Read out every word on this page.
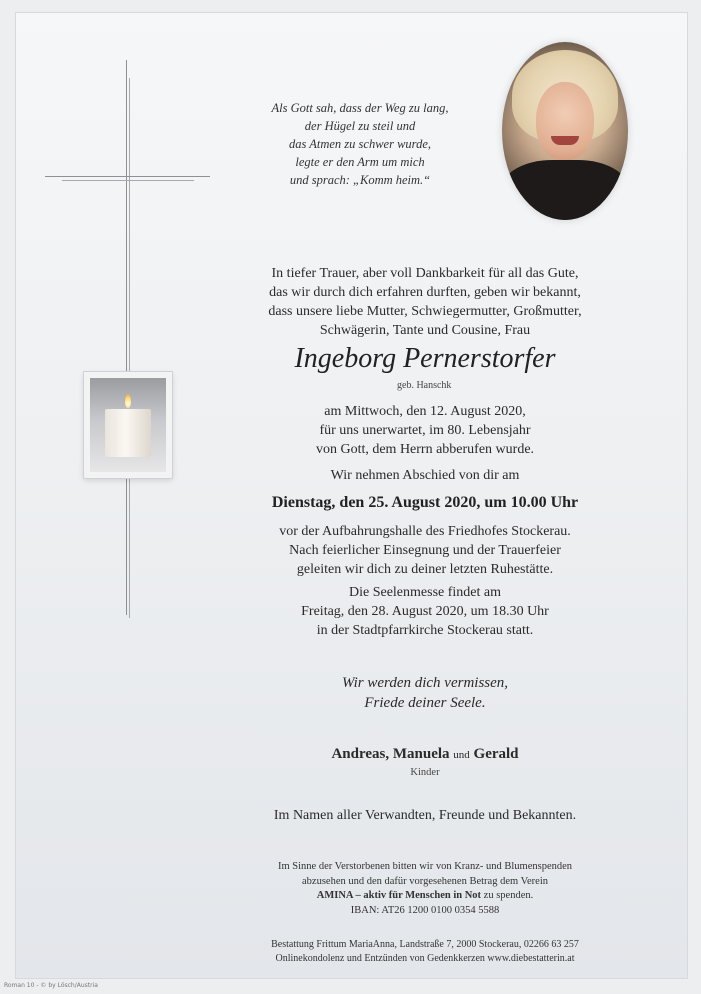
Als Gott sah, dass der Weg zu lang,
der Hügel zu steil und
das Atmen zu schwer wurde,
legte er den Arm um mich
und sprach: „Komm heim.“
In tiefer Trauer, aber voll Dankbarkeit für all das Gute,
das wir durch dich erfahren durften, geben wir bekannt,
dass unsere liebe Mutter, Schwiegermutter, Großmutter,
Schwägerin, Tante und Cousine, Frau
Ingeborg Pernerstorfer
geb. Hanschk
am Mittwoch, den 12. August 2020,
für uns unerwartet, im 80. Lebensjahr
von Gott, dem Herrn abberufen wurde.
Wir nehmen Abschied von dir am
Dienstag, den 25. August 2020, um 10.00 Uhr
vor der Aufbahrungshalle des Friedhofes Stockerau.
Nach feierlicher Einsegnung und der Trauerfeier
geleiten wir dich zu deiner letzten Ruhestätte.
Die Seelenmesse findet am
Freitag, den 28. August 2020, um 18.30 Uhr
in der Stadtpfarrkirche Stockerau statt.
Wir werden dich vermissen,
Friede deiner Seele.
Andreas, Manuela und Gerald
Kinder
Im Namen aller Verwandten, Freunde und Bekannten.
Im Sinne der Verstorbenen bitten wir von Kranz- und Blumenspenden
abzusehen und den dafür vorgesehenen Betrag dem Verein
AMINA – aktiv für Menschen in Not zu spenden.
IBAN: AT26 1200 0100 0354 5588
Bestattung Frittum MariaAnna, Landstraße 7, 2000 Stockerau, 02266 63 257
Onlinekondolenz und Entzünden von Gedenkkerzen www.diebestatterin.at
Roman 10 - © by Lösch/Austria
